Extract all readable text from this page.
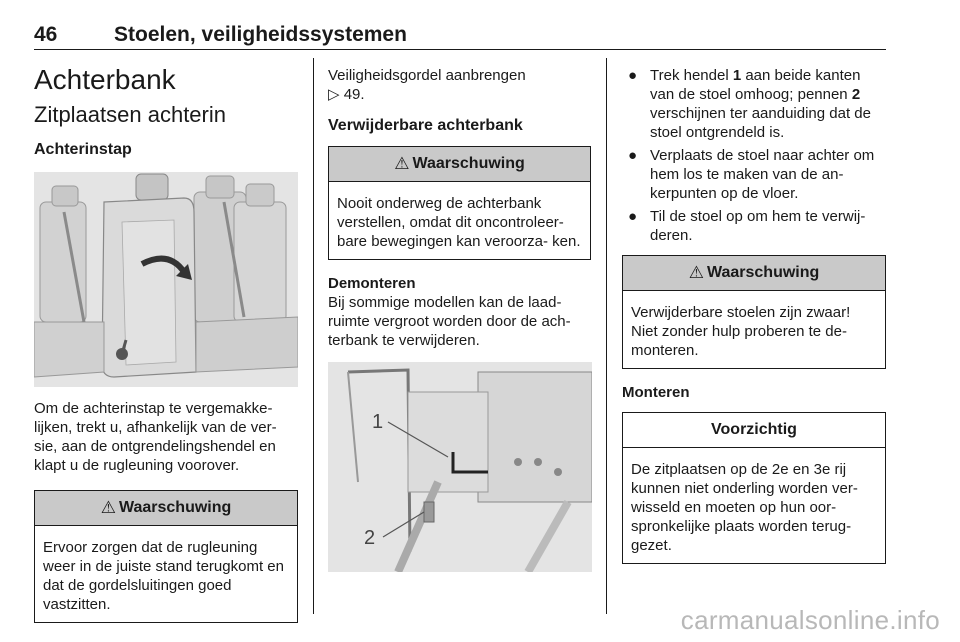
46	Stoelen, veiligheidssystemen
Achterbank
Zitplaatsen achterin
Achterinstap

Om de achterinstap te vergemakke- lijken, trekt u, afhankelijk van de ver- sie, aan de ontgrendelingshendel en klapt u de rugleuning voorover.

⚠ Waarschuwing
Ervoor zorgen dat de rugleuning weer in de juiste stand terugkomt en dat de gordelsluitingen goed vastzitten.

Veiligheidsgordel aanbrengen
▷ 49.

Verwijderbare achterbank
⚠ Waarschuwing
Nooit onderweg de achterbank verstellen, omdat dit oncontroleer- bare bewegingen kan veroorza- ken.
Demonteren

Bij sommige modellen kan de laad- ruimte vergroot worden door de ach- terbank te verwijderen.

1
2
● Trek hendel 1 aan beide kanten van de stoel omhoog; pennen 2 verschijnen ter aanduiding dat de stoel ontgrendeld is.
● Verplaats de stoel naar achter om hem los te maken van de an- kerpunten op de vloer.
● Til de stoel op om hem te verwij- deren.
⚠ Waarschuwing
Verwijderbare stoelen zijn zwaar! Niet zonder hulp proberen te de- monteren.
Monteren
Voorzichtig
De zitplaatsen op de 2e en 3e rij kunnen niet onderling worden ver- wisseld en moeten op hun oor- spronkelijke plaats worden terug- gezet.
carmanualsonline.info
